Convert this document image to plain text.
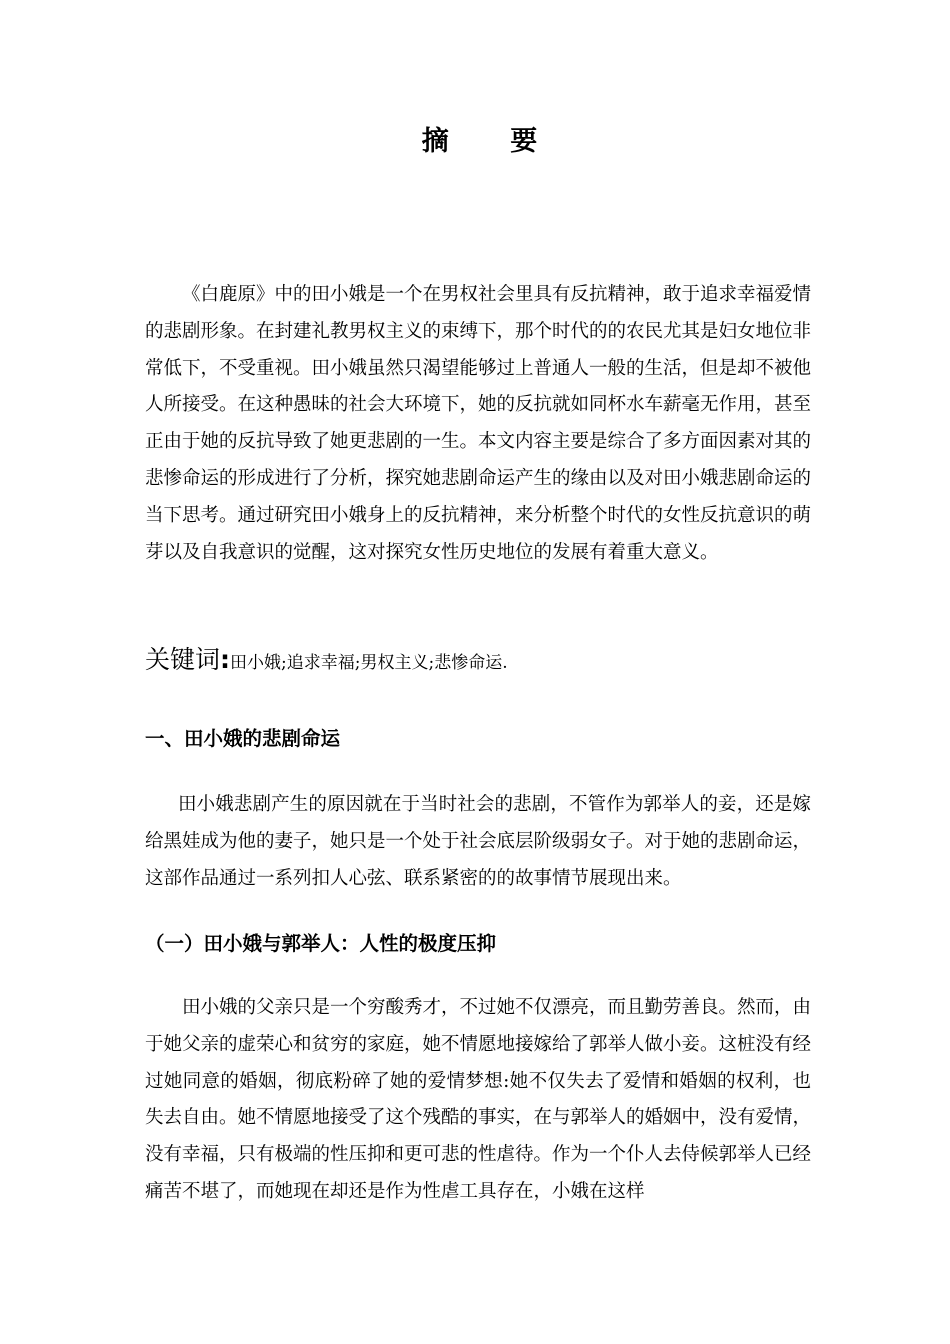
摘 要

《白鹿原》中的田小娥是一个在男权社会里具有反抗精神，敢于追求幸福爱情的悲剧形象。在封建礼教男权主义的束缚下，那个时代的的农民尤其是妇女地位非常低下，不受重视。田小娥虽然只渴望能够过上普通人一般的生活，但是却不被他人所接受。在这种愚昧的社会大环境下，她的反抗就如同杯水车薪毫无作用，甚至正由于她的反抗导致了她更悲剧的一生。本文内容主要是综合了多方面因素对其的悲惨命运的形成进行了分析，探究她悲剧命运产生的缘由以及对田小娥悲剧命运的当下思考。通过研究田小娥身上的反抗精神，来分析整个时代的女性反抗意识的萌芽以及自我意识的觉醒，这对探究女性历史地位的发展有着重大意义。

关键词:田小娥;追求幸福;男权主义;悲惨命运.

一、田小娥的悲剧命运

田小娥悲剧产生的原因就在于当时社会的悲剧，不管作为郭举人的妾，还是嫁给黑娃成为他的妻子，她只是一个处于社会底层阶级弱女子。对于她的悲剧命运，这部作品通过一系列扣人心弦、联系紧密的的故事情节展现出来。

（一）田小娥与郭举人：人性的极度压抑

田小娥的父亲只是一个穷酸秀才，不过她不仅漂亮，而且勤劳善良。然而，由于她父亲的虚荣心和贫穷的家庭，她不情愿地接嫁给了郭举人做小妾。这桩没有经过她同意的婚姻，彻底粉碎了她的爱情梦想:她不仅失去了爱情和婚姻的权利，也失去自由。她不情愿地接受了这个残酷的事实，在与郭举人的婚姻中，没有爱情，没有幸福，只有极端的性压抑和更可悲的性虐待。作为一个仆人去侍候郭举人已经痛苦不堪了，而她现在却还是作为性虐工具存在，小娥在这样
